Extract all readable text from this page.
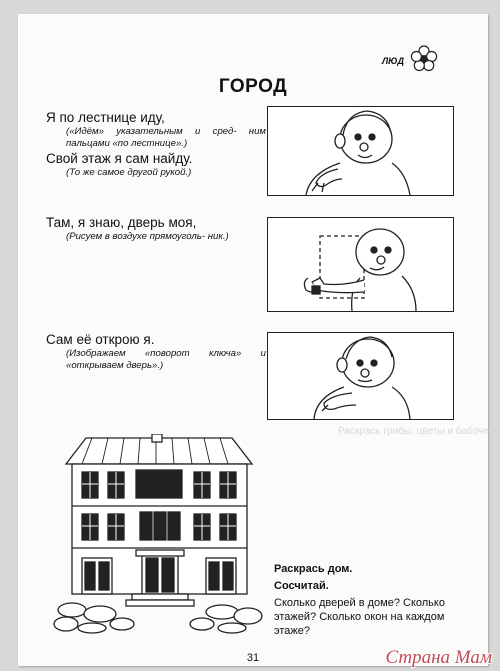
Раскрась грибы, цветы и бабочек.
ЛЮД
ГОРОД
Я по лестнице иду,
(«Идём» указательным и сред- ним пальцами «по лестнице».)
Свой этаж я сам найду.
(То же самое другой рукой.)
Там, я знаю, дверь моя,
(Рисуем в воздухе прямоуголь- ник.)
Сам её открою я.
(Изображаем «поворот ключа» и «открываем дверь».)
Раскрась дом.
Сосчитай.
Сколько дверей в доме? Сколько этажей? Сколько окон на каждом этаже?
31	Страна Мам
